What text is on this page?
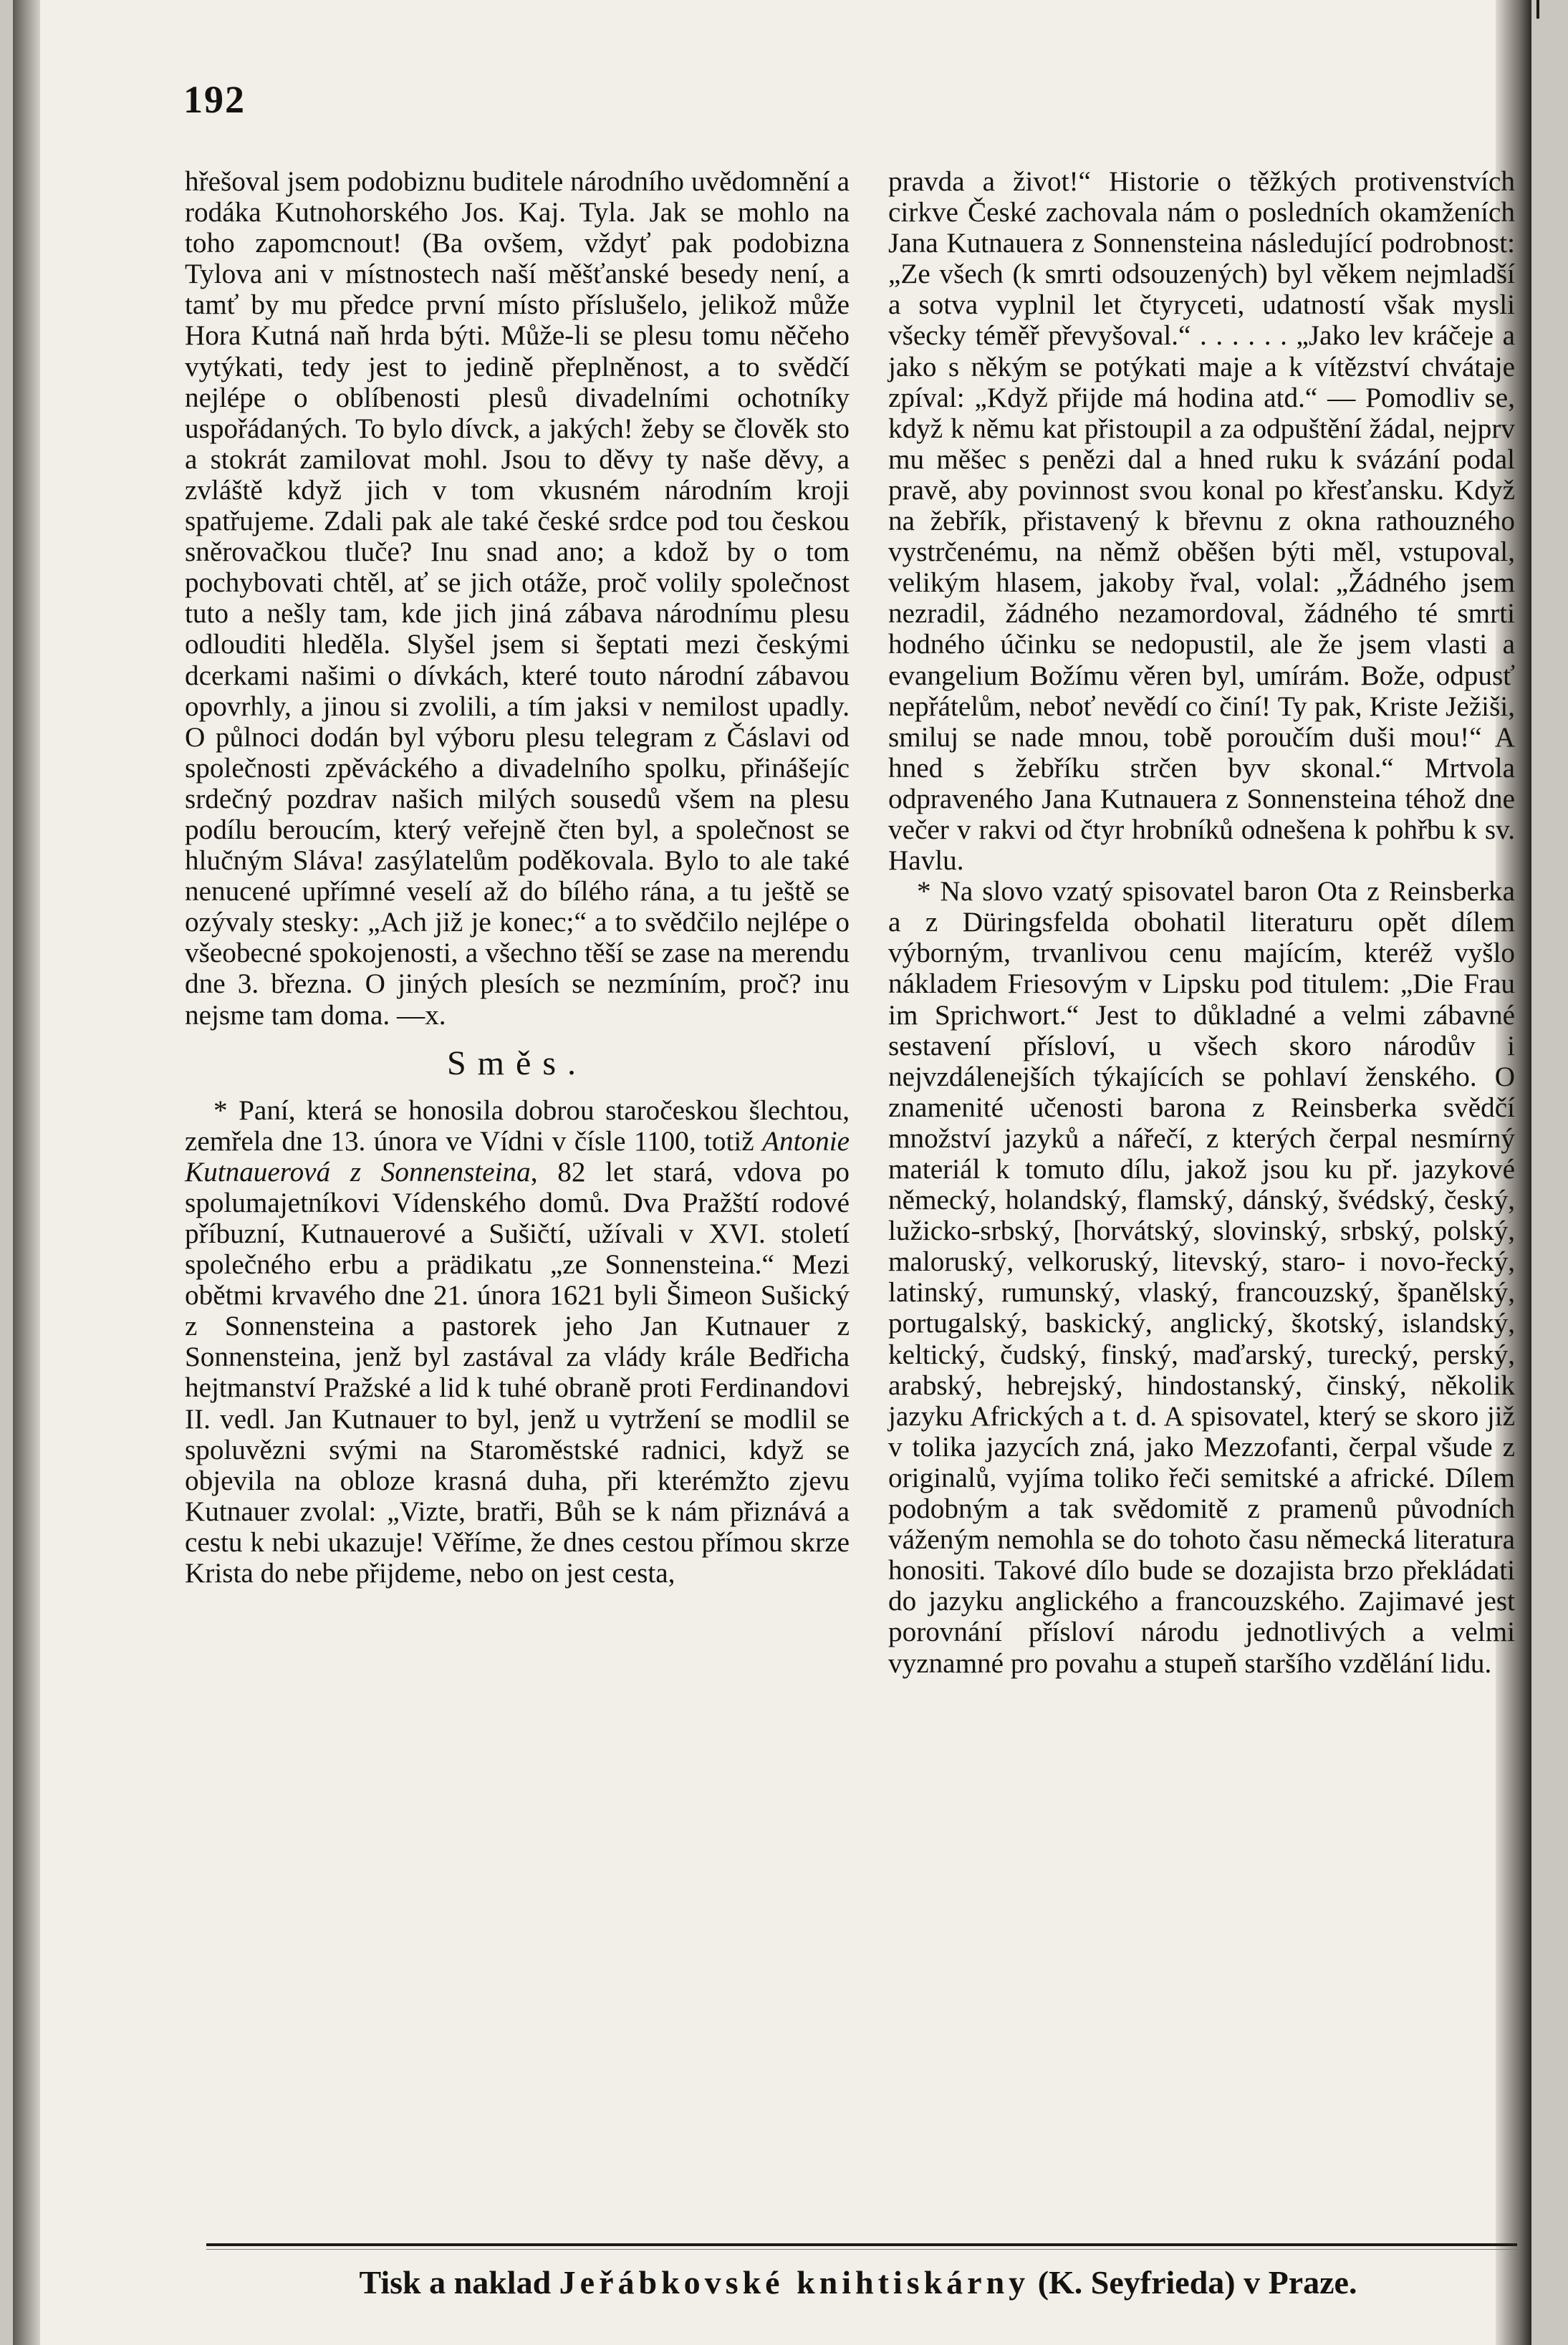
192

hřešoval jsem podobiznu buditele národního uvědomnění a rodáka Kutnohorského Jos. Kaj. Tyla. Jak se mohlo na toho zapomcnout! (Ba ovšem, vždyť pak podobizna Tylova ani v místnostech naší měšťanské besedy není, a tamť by mu předce první místo příslušelo, jelikož může Hora Kutná naň hrda býti. Může-li se plesu tomu něčeho vytýkati, tedy jest to jedině přeplněnost, a to svědčí nejlépe o oblíbenosti plesů divadelními ochotníky uspořádaných. To bylo dívck, a jakých! žeby se člověk sto a stokrát zamilovat mohl. Jsou to děvy ty naše děvy, a zvláště když jich v tom vkusném národním kroji spatřujeme. Zdali pak ale také české srdce pod tou českou sněrovačkou tluče? Inu snad ano; a kdož by o tom pochybovati chtěl, ať se jich otáže, proč volily společnost tuto a nešly tam, kde jich jiná zábava národnímu plesu odlouditi hleděla. Slyšel jsem si šeptati mezi českými dcerkami našimi o dívkách, které touto národní zábavou opovrhly, a jinou si zvolili, a tím jaksi v nemilost upadly. O půlnoci dodán byl výboru plesu telegram z Čáslavi od společnosti zpěváckého a divadelního spolku, přinášejíc srdečný pozdrav našich milých sousedů všem na plesu podílu beroucím, který veřejně čten byl, a společnost se hlučným Sláva! zasýlatelům poděkovala. Bylo to ale také nenucené upřímné veselí až do bílého rána, a tu ještě se ozývaly stesky: „Ach již je konec;“ a to svědčilo nejlépe o všeobecné spokojenosti, a všechno těší se zase na merendu dne 3. března. O jiných plesích se nezmíním, proč? inu nejsme tam doma. —x.

Směs.

* Paní, která se honosila dobrou staročeskou šlechtou, zemřela dne 13. února ve Vídni v čísle 1100, totiž Antonie Kutnauerová z Sonnensteina, 82 let stará, vdova po spolumajetníkovi Vídenského domů. Dva Pražští rodové příbuzní, Kutnauerové a Sušičtí, užívali v XVI. století společného erbu a prädikatu „ze Sonnensteina.“ Mezi obětmi krvavého dne 21. února 1621 byli Šimeon Sušický z Sonnensteina a pastorek jeho Jan Kutnauer z Sonnensteina, jenž byl zastával za vlády krále Bedřicha hejtmanství Pražské a lid k tuhé obraně proti Ferdinandovi II. vedl. Jan Kutnauer to byl, jenž u vytržení se modlil se spoluvězni svými na Staroměstské radnici, když se objevila na obloze krasná duha, při kterémžto zjevu Kutnauer zvolal: „Vizte, bratři, Bůh se k nám přiznává a cestu k nebi ukazuje! Věříme, že dnes cestou přímou skrze Krista do nebe přijdeme, nebo on jest cesta,

pravda a život!“ Historie o těžkých protivenstvích cirkve České zachovala nám o posledních okamženích Jana Kutnauera z Sonnensteina následující podrobnost: „Ze všech (k smrti odsouzených) byl věkem nejmladší a sotva vyplnil let čtyryceti, udatností však mysli všecky téměř převyšoval.“ . . . . . . „Jako lev kráčeje a jako s někým se potýkati maje a k vítězství chvátaje zpíval: „Když přijde má hodina atd.“ — Pomodliv se, když k němu kat přistoupil a za odpuštění žádal, nejprv mu měšec s penězi dal a hned ruku k svázání podal pravě, aby povinnost svou konal po křesťansku. Když na žebřík, přistavený k břevnu z okna rathouzného vystrčenému, na němž oběšen býti měl, vstupoval, velikým hlasem, jakoby řval, volal: „Žádného jsem nezradil, žádného nezamordoval, žádného té smrti hodného účinku se nedopustil, ale že jsem vlasti a evangelium Božímu věren byl, umírám. Bože, odpusť nepřátelům, neboť nevědí co činí! Ty pak, Kriste Ježiši, smiluj se nade mnou, tobě poroučím duši mou!“ A hned s žebříku strčen byv skonal.“ Mrtvola odpraveného Jana Kutnauera z Sonnensteina téhož dne večer v rakvi od čtyr hrobníků odnešena k pohřbu k sv. Havlu.

* Na slovo vzatý spisovatel baron Ota z Reinsberka a z Düringsfelda obohatil literaturu opět dílem výborným, trvanlivou cenu majícím, kteréž vyšlo nákladem Friesovým v Lipsku pod titulem: „Die Frau im Sprichwort.“ Jest to důkladné a velmi zábavné sestavení přísloví, u všech skoro národův i nejvzdálenejších týkajících se pohlaví ženského. O znamenité učenosti barona z Reinsberka svědčí množství jazyků a nářečí, z kterých čerpal nesmírný materiál k tomuto dílu, jakož jsou ku př. jazykové německý, holandský, flamský, dánský, švédský, český, lužicko-srbský, [horvátský, slovinský, srbský, polský, maloruský, velkoruský, litevský, staro- i novo-řecký, latinský, rumunský, vlaský, francouzský, španělský, portugalský, baskický, anglický, škotský, islandský, keltický, čudský, finský, maďarský, turecký, perský, arabský, hebrejský, hindostanský, činský, několik jazyku Afrických a t. d. A spisovatel, který se skoro již v tolika jazycích zná, jako Mezzofanti, čerpal všude z originalů, vyjíma toliko řeči semitské a africké. Dílem podobným a tak svědomitě z pramenů původních váženým nemohla se do tohoto času německá literatura honositi. Takové dílo bude se dozajista brzo překládati do jazyku anglického a francouzského. Zajimavé jest porovnání přísloví národu jednotlivých a velmi vyznamné pro povahu a stupeň staršího vzdělání lidu.

Tisk a naklad Jeřábkovské knihtiskárny (K. Seyfrieda) v Praze.
